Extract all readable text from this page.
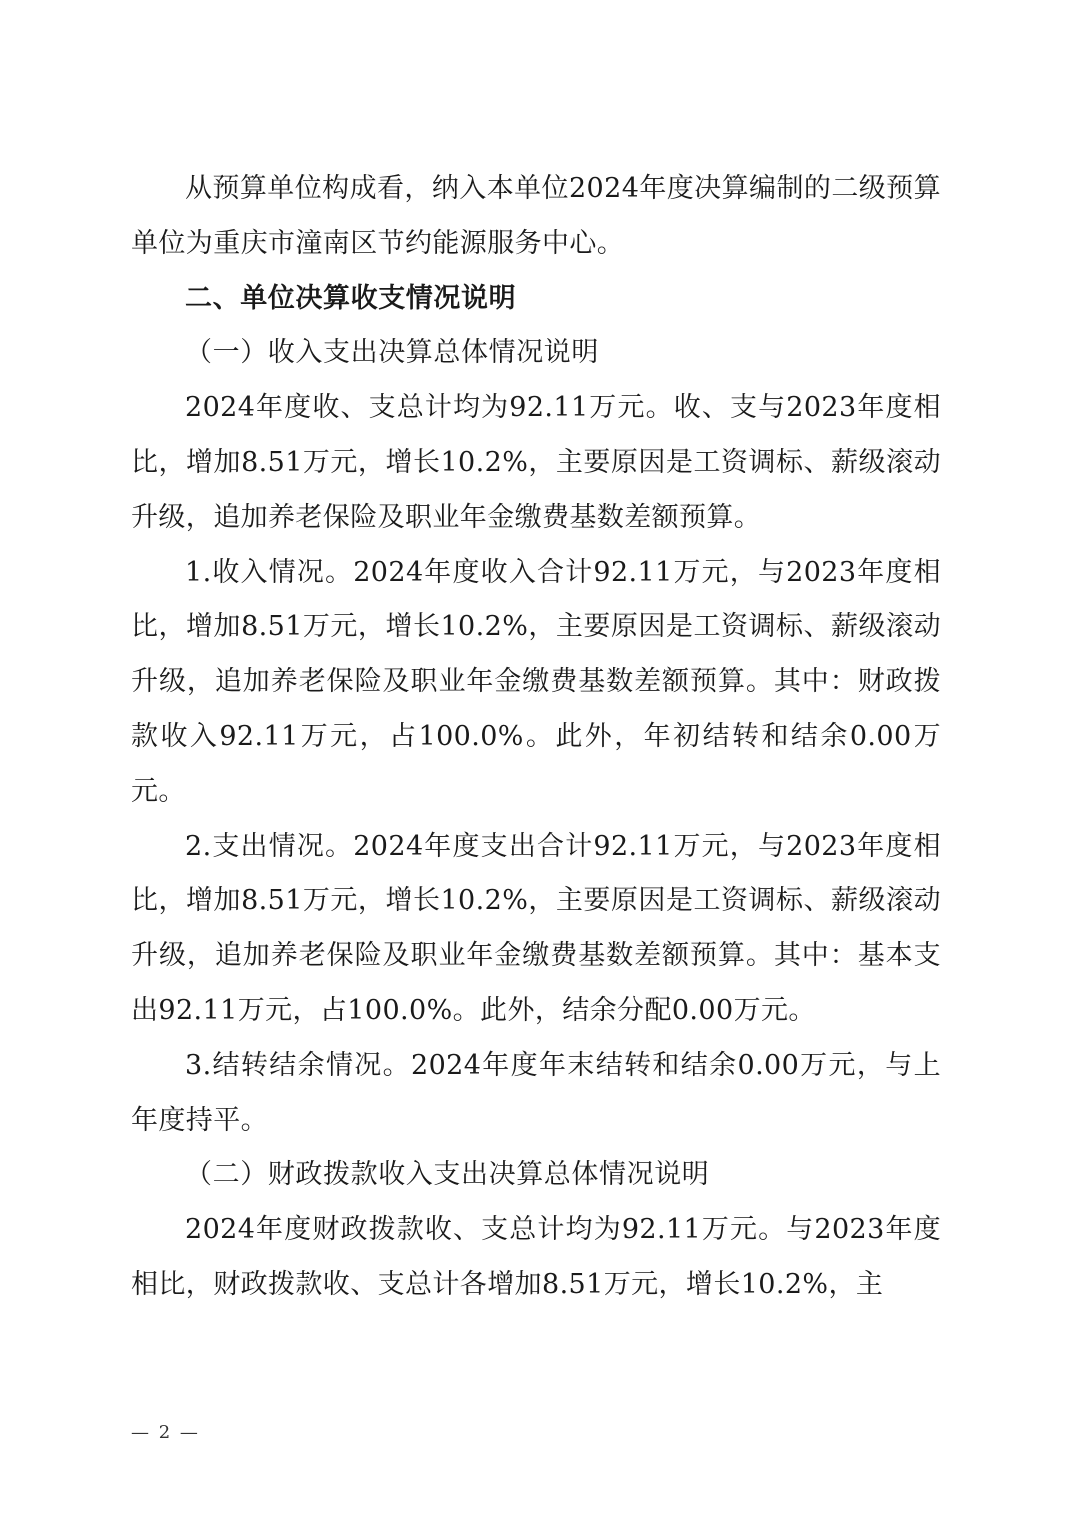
从预算单位构成看，纳入本单位2024年度决算编制的二级预算单位为重庆市潼南区节约能源服务中心。

二、单位决算收支情况说明

（一）收入支出决算总体情况说明

2024年度收、支总计均为92.11万元。收、支与2023年度相比，增加8.51万元，增长10.2%，主要原因是工资调标、薪级滚动升级，追加养老保险及职业年金缴费基数差额预算。

1.收入情况。2024年度收入合计92.11万元，与2023年度相比，增加8.51万元，增长10.2%，主要原因是工资调标、薪级滚动升级，追加养老保险及职业年金缴费基数差额预算。其中：财政拨款收入92.11万元，占100.0%。此外，年初结转和结余0.00万元。

2.支出情况。2024年度支出合计92.11万元，与2023年度相比，增加8.51万元，增长10.2%，主要原因是工资调标、薪级滚动升级，追加养老保险及职业年金缴费基数差额预算。其中：基本支出92.11万元，占100.0%。此外，结余分配0.00万元。

3.结转结余情况。2024年度年末结转和结余0.00万元，与上年度持平。

（二）财政拨款收入支出决算总体情况说明

2024年度财政拨款收、支总计均为92.11万元。与2023年度相比，财政拨款收、支总计各增加8.51万元，增长10.2%，主

— 2 —
